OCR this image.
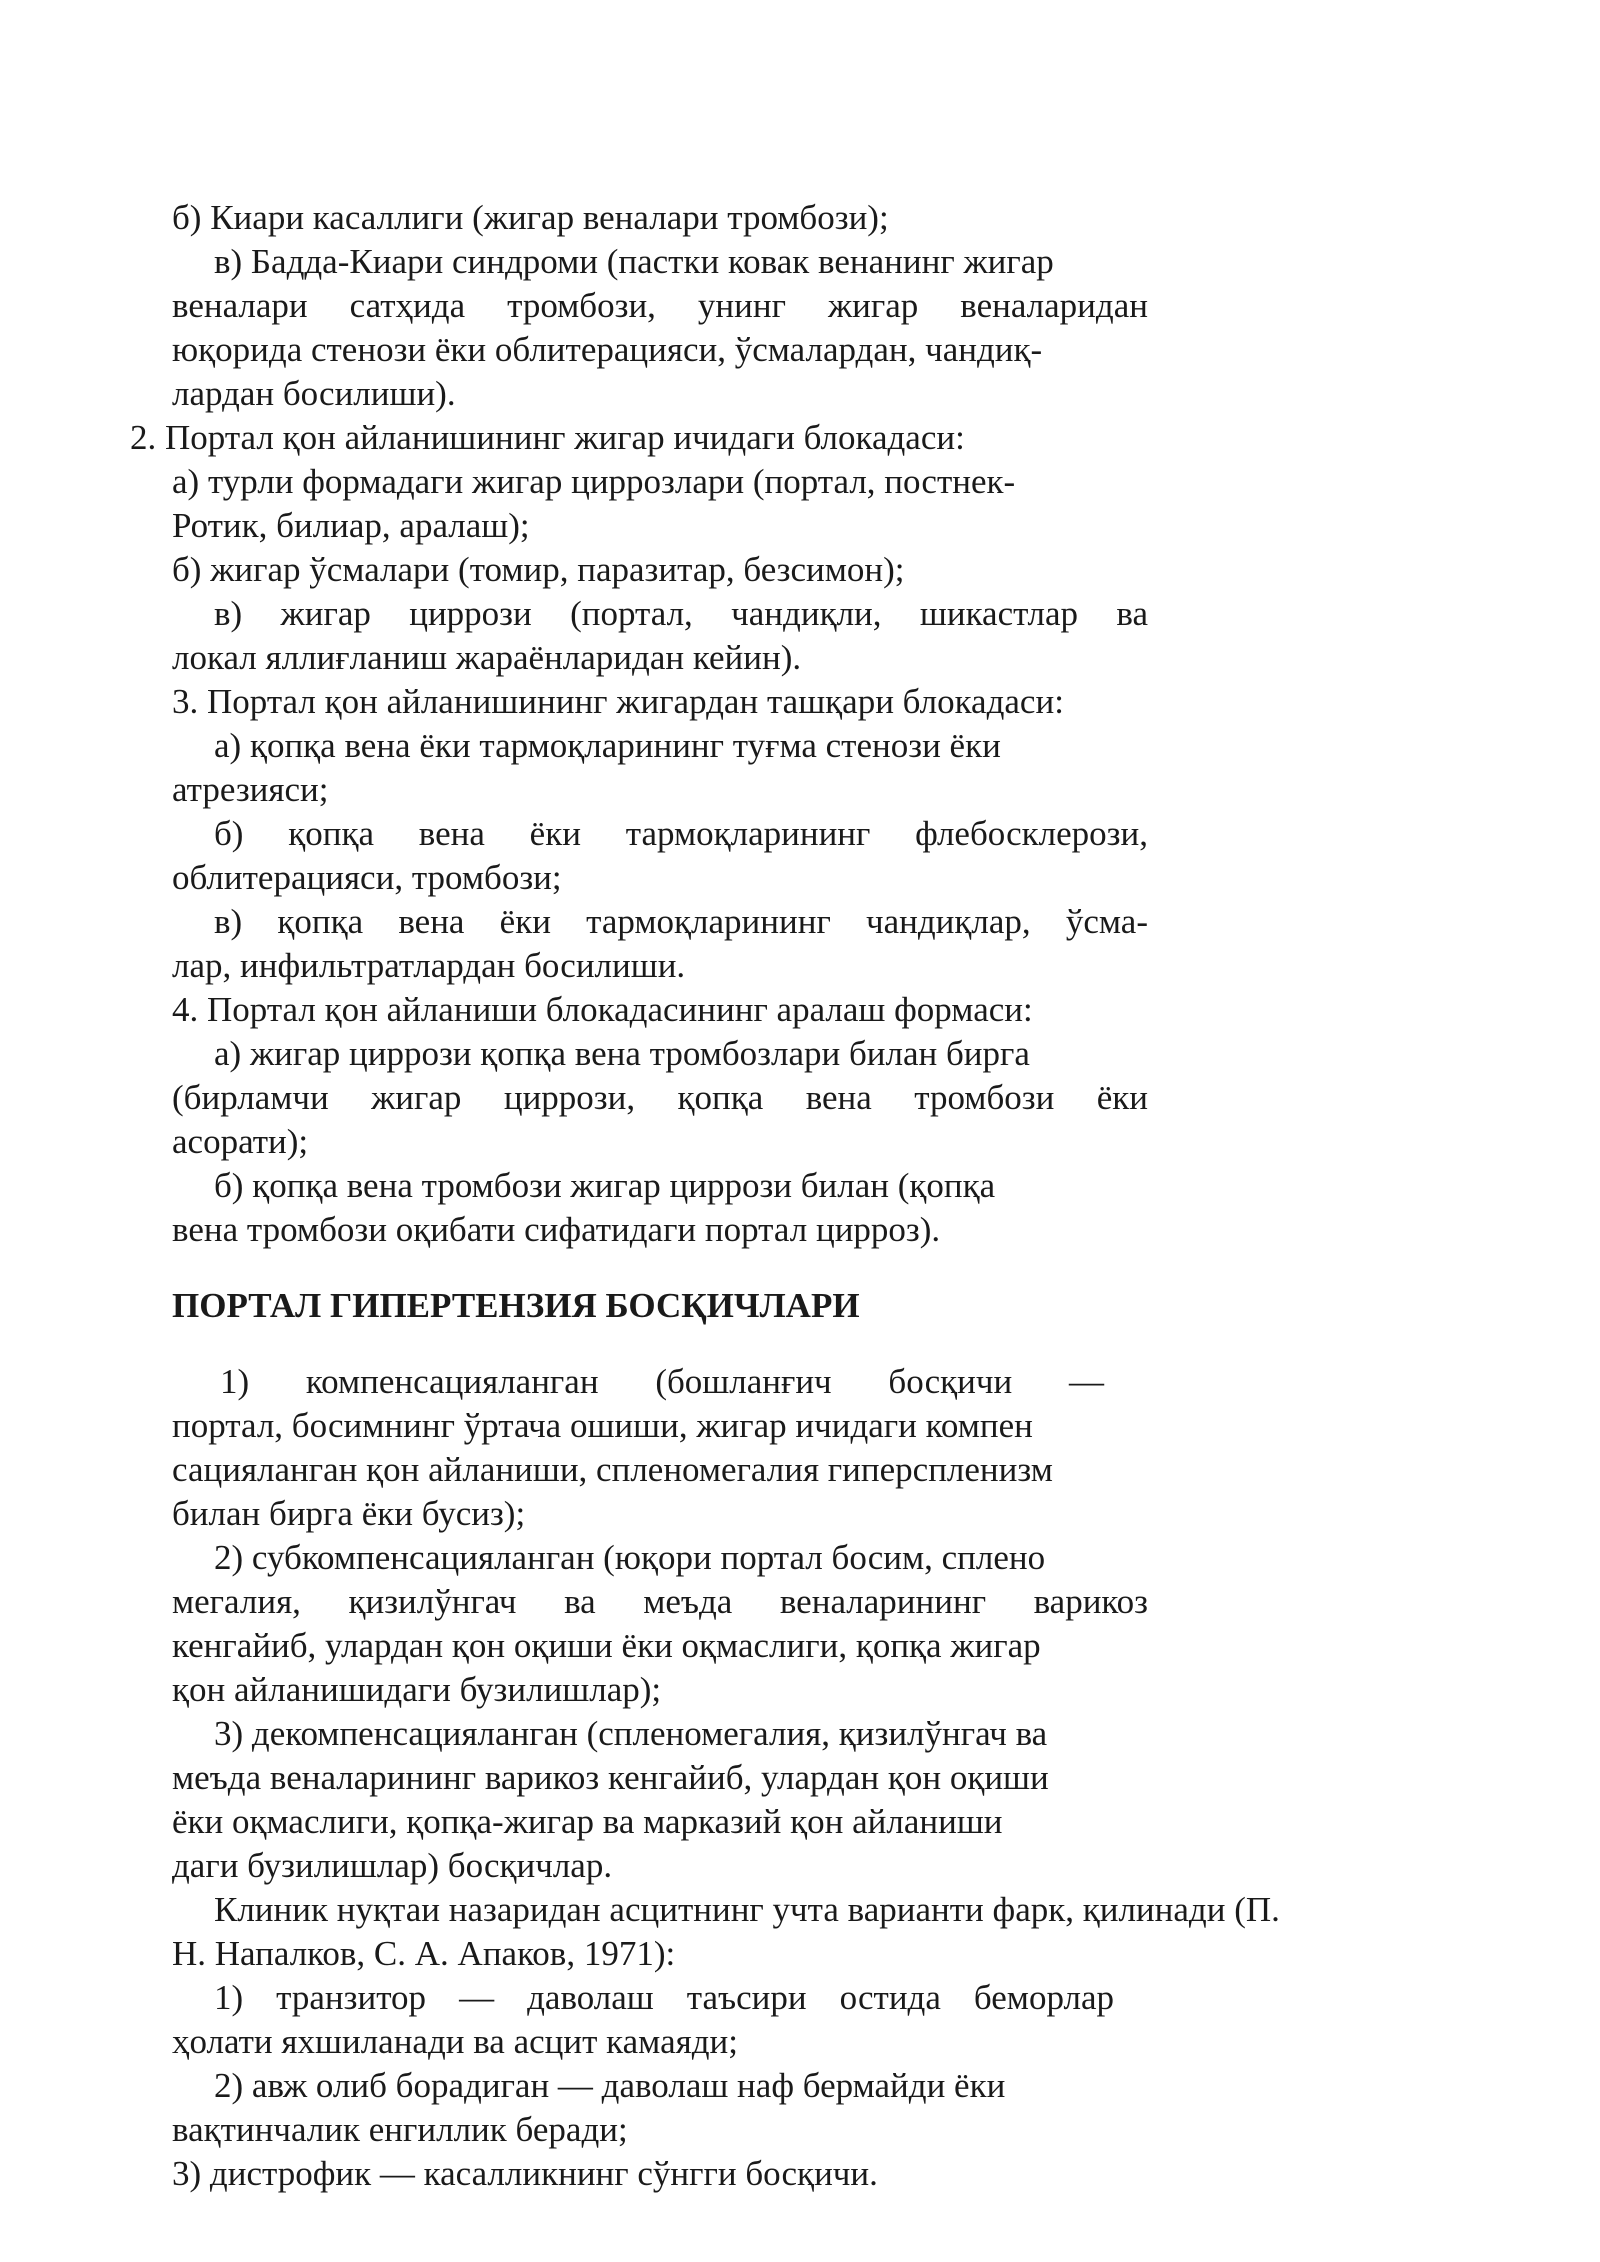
б) Киари касаллиги (жигар веналари тромбози);
в) Бадда-Киари синдроми (пастки ковак венанинг жигар
веналари сатҳида тромбози, унинг жигар веналаридан
юқорида стенози ёки облитерацияси, ўсмалардан, чандиқ-
лардан босилиши).
2. Портал қон айланишининг жигар ичидаги блокадаси:
а) турли формадаги жигар циррозлари (портал, постнек-
Ротик, билиар, аралаш);
б) жигар ўсмалари (томир, паразитар, безсимон);
в) жигар циррози (портал, чандиқли, шикастлар ва
локал яллиғланиш жараёнларидан кейин).
3. Портал қон айланишининг жигардан ташқари блокадаси:
а) қопқа вена ёки тармоқларининг туғма стенози ёки
атрезияси;
б) қопқа вена ёки тармоқларининг флебосклерози,
облитерацияси, тромбози;
в) қопқа вена ёки тармоқларининг чандиқлар, ўсма-
лар, инфильтратлардан босилиши.
4. Портал қон айланиши блокадасининг аралаш формаси:
а) жигар циррози қопқа вена тромбозлари билан бирга
(бирламчи жигар циррози, қопқа вена тромбози ёки
асорати);
б) қопқа вена тромбози жигар циррози билан (қопқа
вена тромбози оқибати сифатидаги портал цирроз).
ПОРТАЛ ГИПЕРТЕНЗИЯ БОСҚИЧЛАРИ
1) компенсацияланган (бошланғич босқичи —
портал, босимнинг ўртача ошиши, жигар ичидаги компен
сацияланган қон айланиши, спленомегалия гиперспленизм
билан бирга ёки бусиз);
2) субкомпенсацияланган (юқори портал босим, сплено
мегалия, қизилўнгач ва меъда веналарининг варикоз
кенгайиб, улардан қон оқиши ёки оқмаслиги, қопқа жигар
қон айланишидаги бузилишлар);
3) декомпенсацияланган (спленомегалия, қизилўнгач ва
меъда веналарининг варикоз кенгайиб, улардан қон оқиши
ёки оқмаслиги, қопқа-жигар ва марказий қон айланиши
даги бузилишлар) босқичлар.
Клиник нуқтаи назаридан асцитнинг учта варианти фарк, қилинади (П.
Н. Напалков, С. А. Апаков, 1971):
1) транзитор — даволаш таъсири остида беморлар
ҳолати яхшиланади ва асцит камаяди;
2) авж олиб борадиган — даволаш наф бермайди ёки
вақтинчалик енгиллик беради;
3) дистрофик — касалликнинг сўнгги босқичи.
